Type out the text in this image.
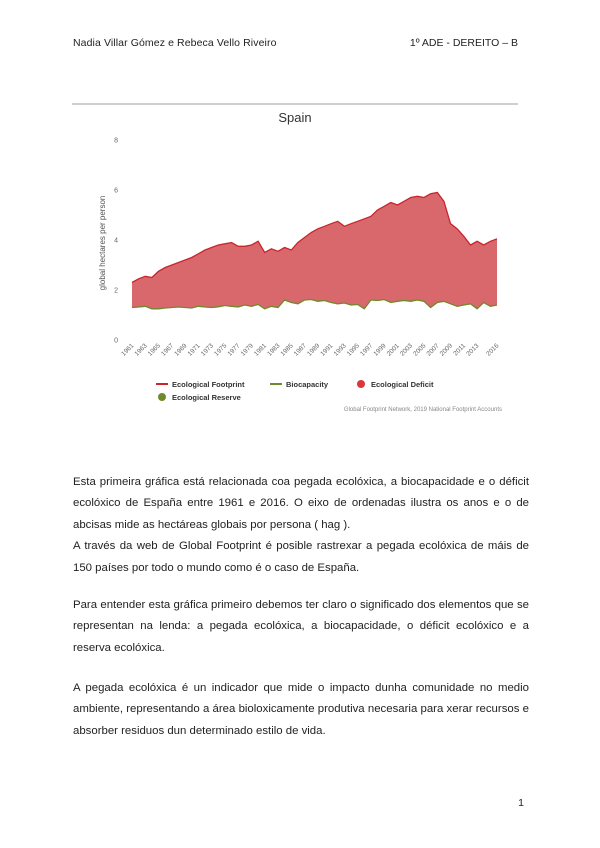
Nadia Villar Gómez e Rebeca Vello Riveiro	1º ADE - DEREITO – B
Spain
global hectares per person
0
2
4
6
8
1961
1963
1965
1967
1969
1971
1973
1975
1977
1979
1981
1983
1985
1987
1989
1991
1993
1995
1997
1999
2001
2003
2005
2007
2009
2011
2013 2016
Ecological Footprint	Biocapacity	Ecological Deficit
Ecological Reserve
Global Footprint Network, 2019 National Footprint Accounts
Esta primeira gráfica está relacionada coa pegada ecolóxica, a biocapacidade e o déficit ecolóxico de España entre 1961 e 2016. O eixo de ordenadas ilustra os anos e o de abcisas mide as hectáreas globais por persona ( hag ).
A través da web de Global Footprint é posible rastrexar a pegada ecolóxica de máis de 150 países por todo o mundo como é o caso de España.
Para entender esta gráfica primeiro debemos ter claro o significado dos elementos que se representan na lenda: a pegada ecolóxica, a biocapacidade, o déficit ecolóxico e a reserva ecolóxica.
A pegada ecolóxica é un indicador que mide o impacto dunha comunidade no medio ambiente, representando a área bioloxicamente produtiva necesaria para xerar recursos e absorber residuos dun determinado estilo de vida.
1
